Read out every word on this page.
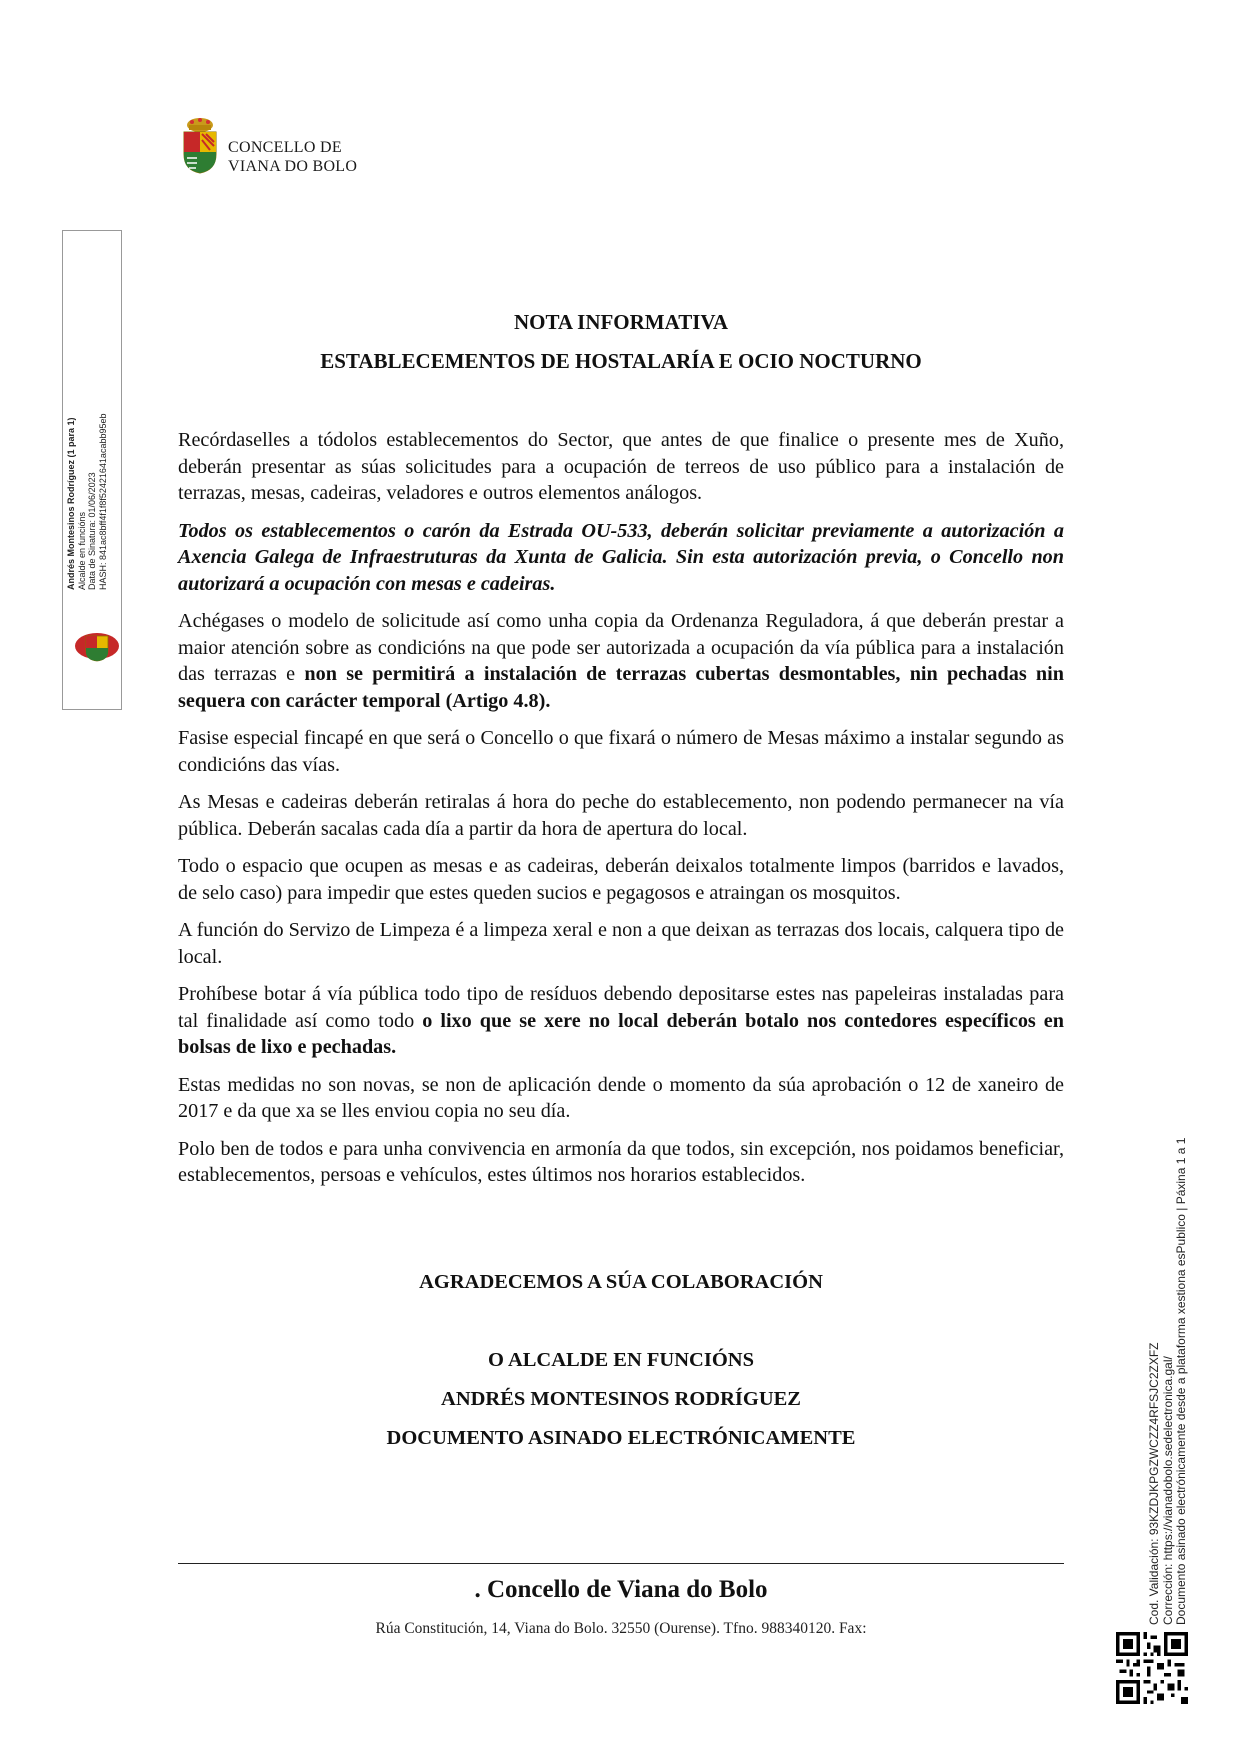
CONCELLO DE
VIANA DO BOLO
Andrés Montesinos Rodríguez (1 para 1) Alcalde en funcións Data de Sinatura: 01/06/2023 HASH: 841ac8bff4f1f8f52421641acabb95eb
Cod. Validación: 93KZDJKPGZWCZZ4RFSJC2ZXFZ Corrección: https://vianadobolo.sedelectronica.gal/ Documento asinado electrónicamente desde a plataforma xestiona esPublico | Páxina 1 a 1
NOTA INFORMATIVA
ESTABLECEMENTOS DE HOSTALARÍA E OCIO NOCTURNO

Recórdaselles a tódolos establecementos do Sector, que antes de que finalice o presente mes de Xuño, deberán presentar as súas solicitudes para a ocupación de terreos de uso público para a instalación de terrazas, mesas, cadeiras, veladores e outros elementos análogos.

Todos os establecementos o carón da Estrada OU-533, deberán solicitar previamente a autorización a Axencia Galega de Infraestruturas da Xunta de Galicia. Sin esta autorización previa, o Concello non autorizará a ocupación con mesas e cadeiras.

Achégases o modelo de solicitude así como unha copia da Ordenanza Reguladora, á que deberán prestar a maior atención sobre as condicións na que pode ser autorizada a ocupación da vía pública para a instalación das terrazas e non se permitirá a instalación de terrazas cubertas desmontables, nin pechadas nin sequera con carácter temporal (Artigo 4.8).

Fasise especial fincapé en que será o Concello o que fixará o número de Mesas máximo a instalar segundo as condicións das vías.

As Mesas e cadeiras deberán retiralas á hora do peche do establecemento, non podendo permanecer na vía pública. Deberán sacalas cada día a partir da hora de apertura do local.

Todo o espacio que ocupen as mesas e as cadeiras, deberán deixalos totalmente limpos (barridos e lavados, de selo caso) para impedir que estes queden sucios e pegagosos e atraingan os mosquitos.

A función do Servizo de Limpeza é a limpeza xeral e non a que deixan as terrazas dos locais, calquera tipo de local.

Prohíbese botar á vía pública todo tipo de resíduos debendo depositarse estes nas papeleiras instaladas para tal finalidade así como todo o lixo que se xere no local deberán botalo nos contedores específicos en bolsas de lixo e pechadas.

Estas medidas no son novas, se non de aplicación dende o momento da súa aprobación o 12 de xaneiro de 2017 e da que xa se lles enviou copia no seu día.

Polo ben de todos e para unha convivencia en armonía da que todos, sin excepción, nos poidamos beneficiar, establecementos, persoas e vehículos, estes últimos nos horarios establecidos.

AGRADECEMOS A SÚA COLABORACIÓN
O ALCALDE EN FUNCIÓNS
ANDRÉS MONTESINOS RODRÍGUEZ
DOCUMENTO ASINADO ELECTRÓNICAMENTE
. Concello de Viana do Bolo
Rúa Constitución, 14, Viana do Bolo. 32550 (Ourense). Tfno. 988340120. Fax:
